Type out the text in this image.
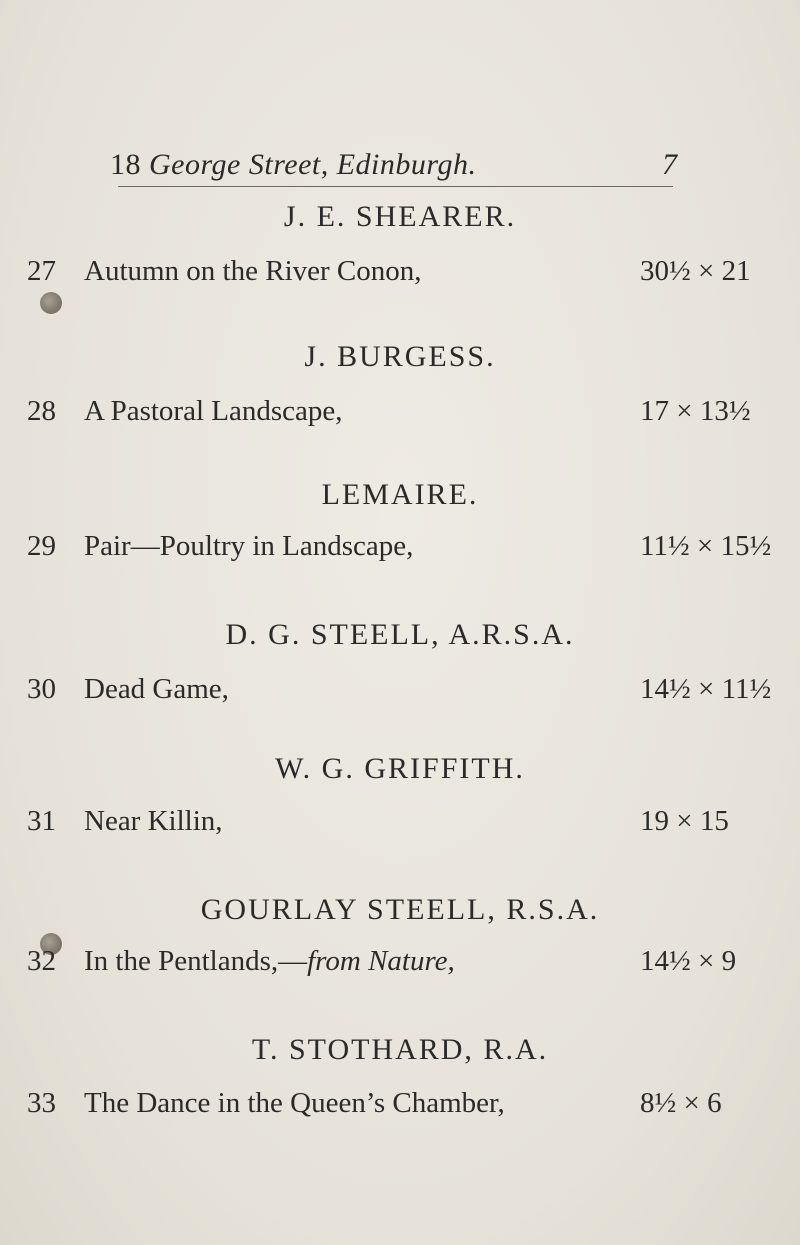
18 George Street, Edinburgh.	7
J. E. SHEARER.
27 Autumn on the River Conon,	30½ × 21
J. BURGESS.
28 A Pastoral Landscape,	17 × 13½
LEMAIRE.
29 Pair—Poultry in Landscape,	11½ × 15½
D. G. STEELL, A.R.S.A.
30 Dead Game,	14½ × 11½
W. G. GRIFFITH.
31 Near Killin,	19 × 15
GOURLAY STEELL, R.S.A.
32 In the Pentlands,—from Nature,	14½ × 9
T. STOTHARD, R.A.
33 The Dance in the Queen’s Chamber,	8½ × 6
